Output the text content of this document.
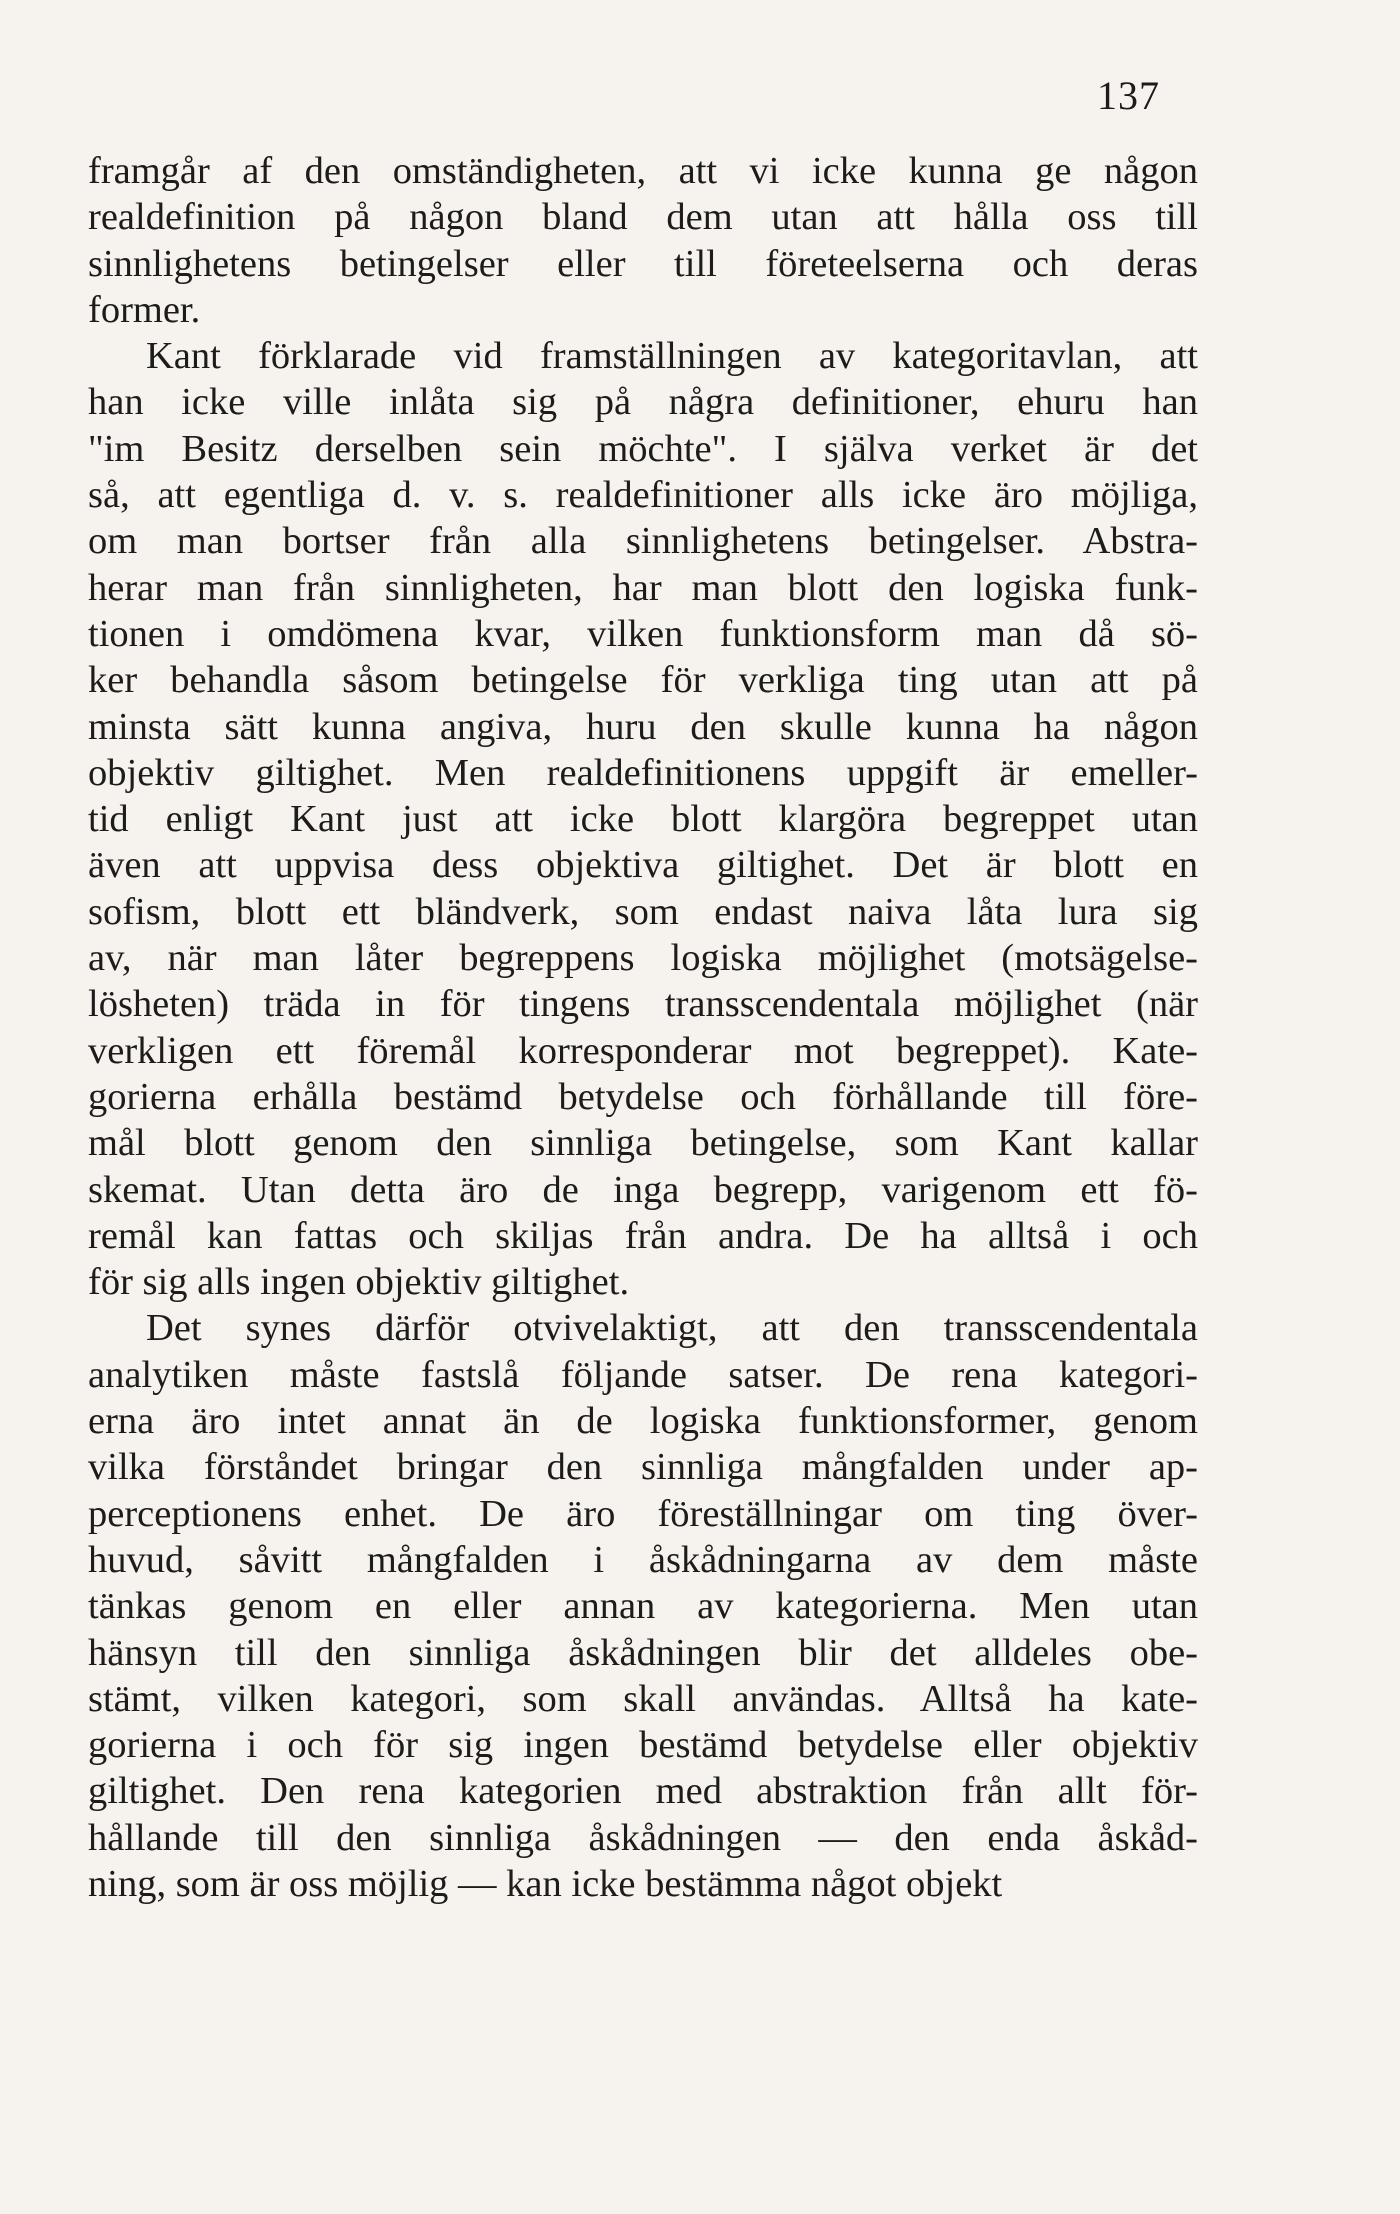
137
framgår af den omständigheten, att vi icke kunna ge någon
realdefinition på någon bland dem utan att hålla oss till
sinnlighetens betingelser eller till företeelserna och deras
former.
Kant förklarade vid framställningen av kategoritavlan, att
han icke ville inlåta sig på några definitioner, ehuru han
"im Besitz derselben sein möchte". I själva verket är det
så, att egentliga d. v. s. realdefinitioner alls icke äro möjliga,
om man bortser från alla sinnlighetens betingelser. Abstra-
herar man från sinnligheten, har man blott den logiska funk-
tionen i omdömena kvar, vilken funktionsform man då sö-
ker behandla såsom betingelse för verkliga ting utan att på
minsta sätt kunna angiva, huru den skulle kunna ha någon
objektiv giltighet. Men realdefinitionens uppgift är emeller-
tid enligt Kant just att icke blott klargöra begreppet utan
även att uppvisa dess objektiva giltighet. Det är blott en
sofism, blott ett bländverk, som endast naiva låta lura sig
av, när man låter begreppens logiska möjlighet (motsägelse-
lösheten) träda in för tingens transscendentala möjlighet (när
verkligen ett föremål korresponderar mot begreppet). Kate-
gorierna erhålla bestämd betydelse och förhållande till före-
mål blott genom den sinnliga betingelse, som Kant kallar
skemat. Utan detta äro de inga begrepp, varigenom ett fö-
remål kan fattas och skiljas från andra. De ha alltså i och
för sig alls ingen objektiv giltighet.
Det synes därför otvivelaktigt, att den transscendentala
analytiken måste fastslå följande satser. De rena kategori-
erna äro intet annat än de logiska funktionsformer, genom
vilka förståndet bringar den sinnliga mångfalden under ap-
perceptionens enhet. De äro föreställningar om ting över-
huvud, såvitt mångfalden i åskådningarna av dem måste
tänkas genom en eller annan av kategorierna. Men utan
hänsyn till den sinnliga åskådningen blir det alldeles obe-
stämt, vilken kategori, som skall användas. Alltså ha kate-
gorierna i och för sig ingen bestämd betydelse eller objektiv
giltighet. Den rena kategorien med abstraktion från allt för-
hållande till den sinnliga åskådningen — den enda åskåd-
ning, som är oss möjlig — kan icke bestämma något objekt
